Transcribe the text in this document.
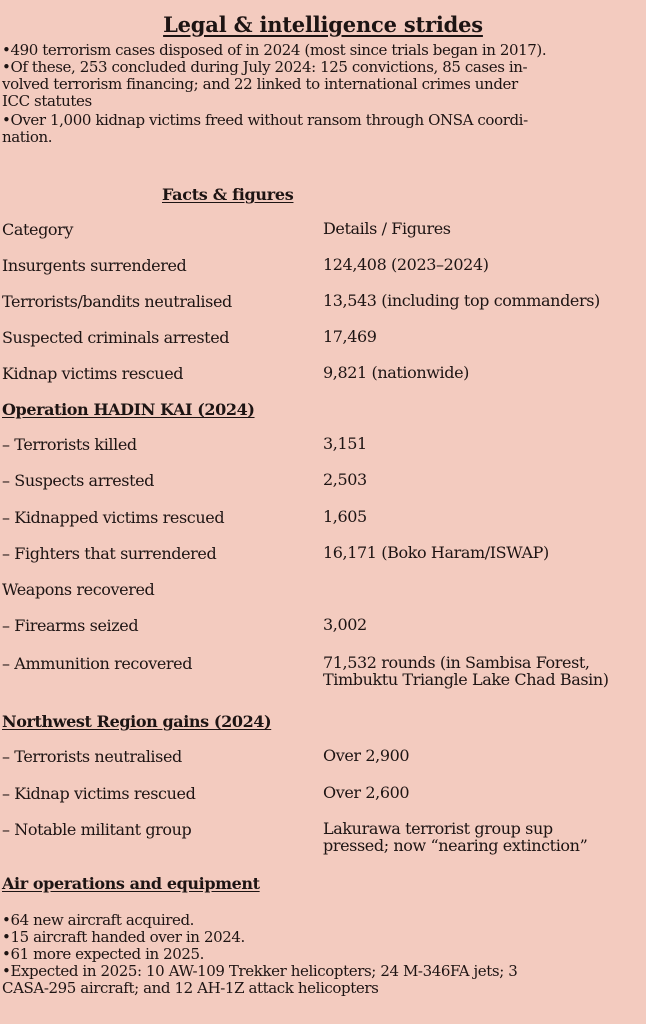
Legal & intelligence strides
• 490 terrorism cases disposed of in 2024 (most since trials began in 2017).
• Of these, 253 concluded during July 2024: 125 convictions, 85 cases in-
volved terrorism financing; and 22 linked to international crimes under
ICC statutes
• Over 1,000 kidnap victims freed without ransom through ONSA coordi-
nation.
Facts & figures
Category	Details / Figures
Insurgents surrendered	124,408 (2023–2024)
Terrorists/bandits neutralised	13,543 (including top commanders)
Suspected criminals arrested	17,469
Kidnap victims rescued	9,821 (nationwide)
Operation HADIN KAI (2024)
– Terrorists killed	3,151
– Suspects arrested	2,503
– Kidnapped victims rescued	1,605
– Fighters that surrendered	16,171 (Boko Haram/ISWAP)
Weapons recovered
– Firearms seized	3,002
– Ammunition recovered	71,532 rounds (in Sambisa Forest,
Timbuktu Triangle Lake Chad Basin)
Northwest Region gains (2024)
– Terrorists neutralised	Over 2,900
– Kidnap victims rescued	Over 2,600
– Notable militant group	Lakurawa terrorist group sup
pressed; now “nearing extinction”
Air operations and equipment
• 64 new aircraft acquired.
• 15 aircraft handed over in 2024.
• 61 more expected in 2025.
• Expected in 2025: 10 AW-109 Trekker helicopters; 24 M-346FA jets; 3
CASA-295 aircraft; and 12 AH-1Z attack helicopters
